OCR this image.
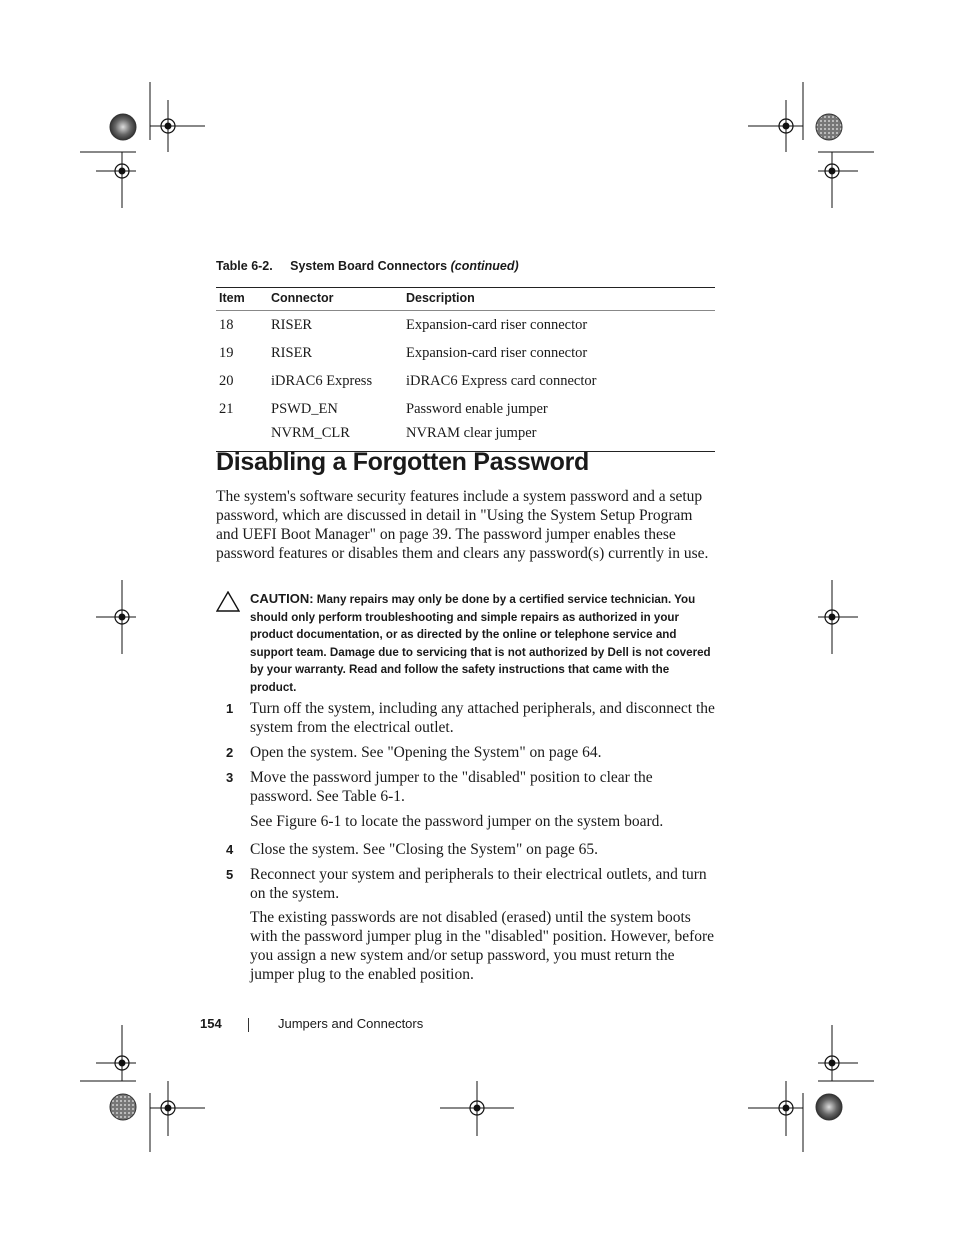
Table 6-2. System Board Connectors (continued)
Item	Connector	Description
18	RISER	Expansion-card riser connector
19	RISER	Expansion-card riser connector
20	iDRAC6 Express	iDRAC6 Express card connector
21	PSWD_EN	Password enable jumper
	NVRM_CLR	NVRAM clear jumper
Disabling a Forgotten Password

The system's software security features include a system password and a setup password, which are discussed in detail in "Using the System Setup Program and UEFI Boot Manager" on page 39. The password jumper enables these password features or disables them and clears any password(s) currently in use.

CAUTION: Many repairs may only be done by a certified service technician. You should only perform troubleshooting and simple repairs as authorized in your product documentation, or as directed by the online or telephone service and support team. Damage due to servicing that is not authorized by Dell is not covered by your warranty. Read and follow the safety instructions that came with the product.
1 Turn off the system, including any attached peripherals, and disconnect the system from the electrical outlet.
2 Open the system. See "Opening the System" on page 64.
3 Move the password jumper to the "disabled" position to clear the password. See Table 6-1.

See Figure 6-1 to locate the password jumper on the system board.

4 Close the system. See "Closing the System" on page 65.
5 Reconnect your system and peripherals to their electrical outlets, and turn on the system.

The existing passwords are not disabled (erased) until the system boots with the password jumper plug in the "disabled" position. However, before you assign a new system and/or setup password, you must return the jumper plug to the enabled position.

154	Jumpers and Connectors
